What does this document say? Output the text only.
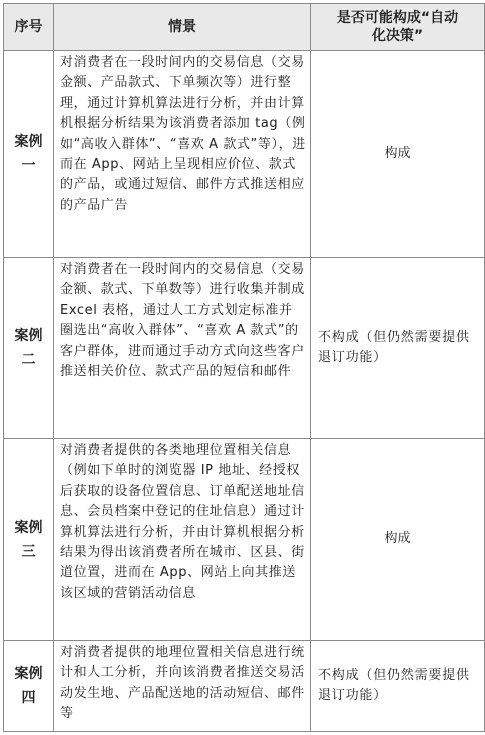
序号	情景	是否可能构成“自动化决策”

案例
一	对消费者在一段时间内的交易信息（交易金额、产品款式、下单频次等）进行整理，通过计算机算法进行分析，并由计算机根据分析结果为该消费者添加 tag（例如“高收入群体”、“喜欢 A 款式”等），进而在 App、网站上呈现相应价位、款式的产品，或通过短信、邮件方式推送相应的产品广告	构成

案例
二	对消费者在一段时间内的交易信息（交易金额、款式、下单数等）进行收集并制成 Excel 表格，通过人工方式划定标准并圈选出“高收入群体”、“喜欢 A 款式”的客户群体，进而通过手动方式向这些客户推送相关价位、款式产品的短信和邮件	不构成（但仍然需要提供退订功能）

案例
三	对消费者提供的各类地理位置相关信息（例如下单时的浏览器 IP 地址、经授权后获取的设备位置信息、订单配送地址信息、会员档案中登记的住址信息）通过计算机算法进行分析，并由计算机根据分析结果为得出该消费者所在城市、区县、街道位置，进而在 App、网站上向其推送该区域的营销活动信息	构成

案例
四	对消费者提供的地理位置相关信息进行统计和人工分析，并向该消费者推送交易活动发生地、产品配送地的活动短信、邮件等	不构成（但仍然需要提供退订功能）
